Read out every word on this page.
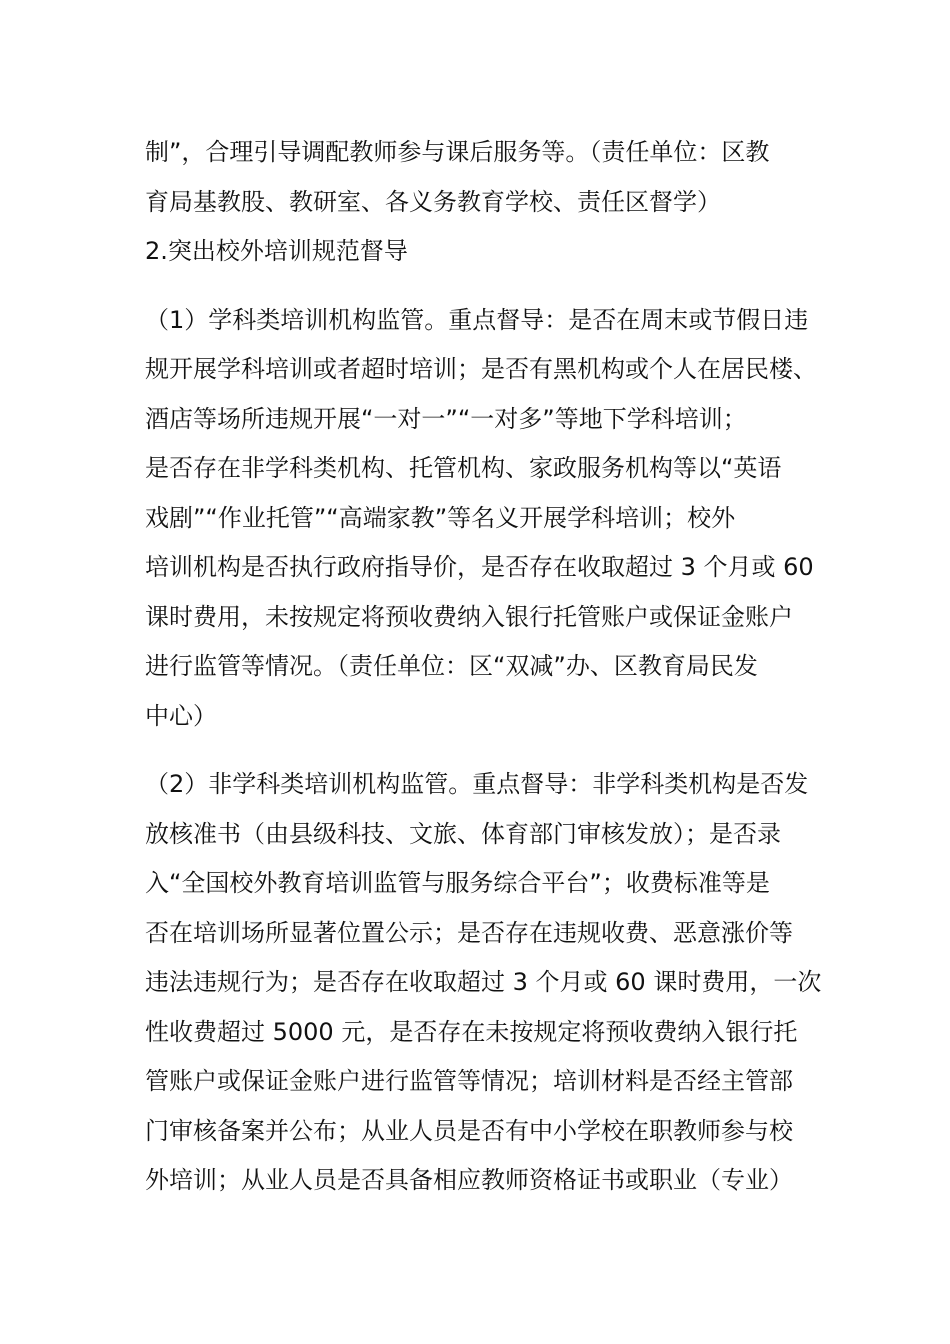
制”，合理引导调配教师参与课后服务等。（责任单位：区教
育局基教股、教研室、各义务教育学校、责任区督学）
2.突出校外培训规范督导
（1）学科类培训机构监管。重点督导：是否在周末或节假日违
规开展学科培训或者超时培训；是否有黑机构或个人在居民楼、
酒店等场所违规开展“一对一”“一对多”等地下学科培训；
是否存在非学科类机构、托管机构、家政服务机构等以“英语
戏剧”“作业托管”“高端家教”等名义开展学科培训；校外
培训机构是否执行政府指导价，是否存在收取超过 3 个月或 60
课时费用，未按规定将预收费纳入银行托管账户或保证金账户
进行监管等情况。（责任单位：区“双减”办、区教育局民发
中心）
（2）非学科类培训机构监管。重点督导：非学科类机构是否发
放核准书（由县级科技、文旅、体育部门审核发放）；是否录
入“全国校外教育培训监管与服务综合平台”；收费标准等是
否在培训场所显著位置公示；是否存在违规收费、恶意涨价等
违法违规行为；是否存在收取超过 3 个月或 60 课时费用，一次
性收费超过 5000 元，是否存在未按规定将预收费纳入银行托
管账户或保证金账户进行监管等情况；培训材料是否经主管部
门审核备案并公布；从业人员是否有中小学校在职教师参与校
外培训；从业人员是否具备相应教师资格证书或职业（专业）
